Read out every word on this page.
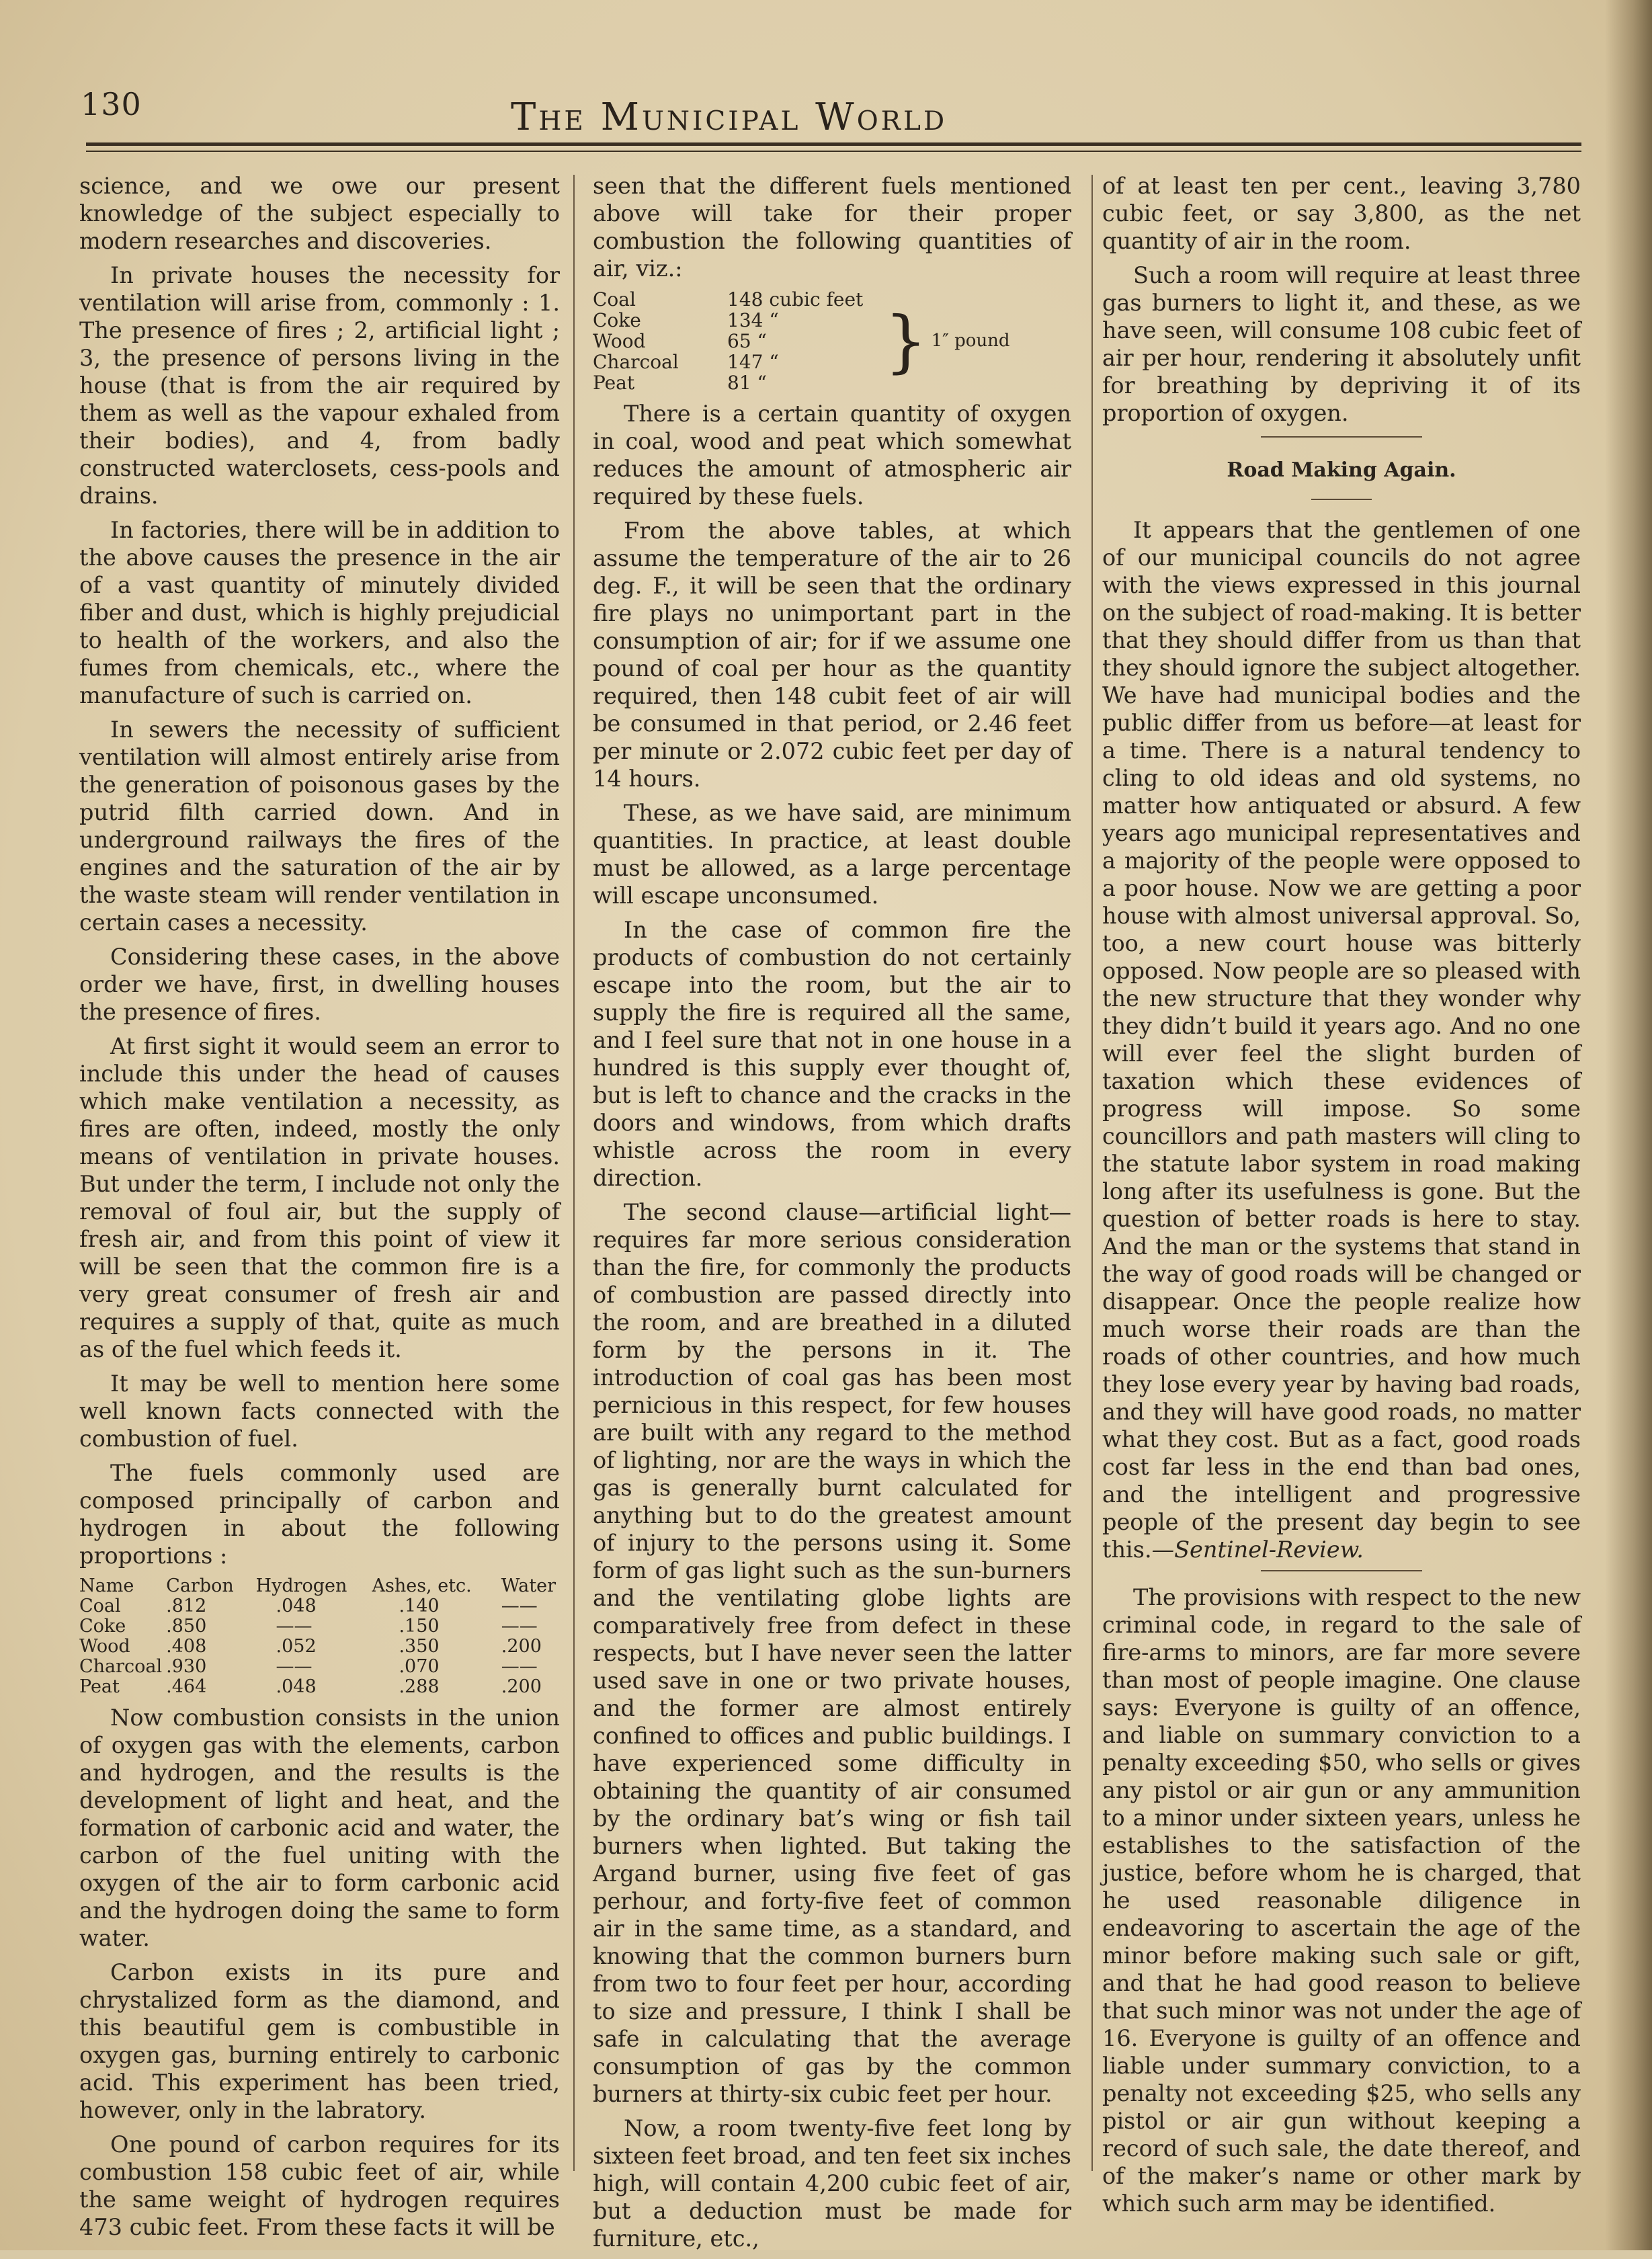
130	The Municipal World

science, and we owe our present knowledge of the subject especially to modern researches and discoveries.

In private houses the necessity for ventilation will arise from, commonly : 1. The presence of fires ; 2, artificial light ; 3, the presence of persons living in the house (that is from the air required by them as well as the vapour exhaled from their bodies), and 4, from badly constructed waterclosets, cess-pools and drains.

In factories, there will be in addition to the above causes the presence in the air of a vast quantity of minutely divided fiber and dust, which is highly prejudicial to health of the workers, and also the fumes from chemicals, etc., where the manufacture of such is carried on.

In sewers the necessity of sufficient ventilation will almost entirely arise from the generation of poisonous gases by the putrid filth carried down. And in underground railways the fires of the engines and the saturation of the air by the waste steam will render ventilation in certain cases a necessity.

Considering these cases, in the above order we have, first, in dwelling houses the presence of fires.

At first sight it would seem an error to include this under the head of causes which make ventilation a necessity, as fires are often, indeed, mostly the only means of ventilation in private houses. But under the term, I include not only the removal of foul air, but the supply of fresh air, and from this point of view it will be seen that the common fire is a very great consumer of fresh air and requires a supply of that, quite as much as of the fuel which feeds it.

It may be well to mention here some well known facts connected with the combustion of fuel.

The fuels commonly used are composed principally of carbon and hydrogen in about the following proportions :

Name	Carbon	Hydrogen	Ashes, etc.	Water
Coal	.812	.048	.140	——
Coke	.850	——	.150	——
Wood	.408	.052	.350	.200
Charcoal	.930	——	.070	——
Peat	.464	.048	.288	.200

Now combustion consists in the union of oxygen gas with the elements, carbon and hydrogen, and the results is the development of light and heat, and the formation of carbonic acid and water, the carbon of the fuel uniting with the oxygen of the air to form carbonic acid and the hydrogen doing the same to form water.

Carbon exists in its pure and chrystalized form as the diamond, and this beautiful gem is combustible in oxygen gas, burning entirely to carbonic acid. This experiment has been tried, however, only in the labratory.

One pound of carbon requires for its combustion 158 cubic feet of air, while the same weight of hydrogen requires 473 cubic feet. From these facts it will be

seen that the different fuels mentioned above will take for their proper combustion the following quantities of air, viz.:

Coal	148 cubic feet	}	1″ pound
Coke	134 “		
Wood	65 “		
Charcoal	147 “		
Peat	81 “		

There is a certain quantity of oxygen in coal, wood and peat which somewhat reduces the amount of atmospheric air required by these fuels.

From the above tables, at which assume the temperature of the air to 26 deg. F., it will be seen that the ordinary fire plays no unimportant part in the consumption of air; for if we assume one pound of coal per hour as the quantity required, then 148 cubit feet of air will be consumed in that period, or 2.46 feet per minute or 2.072 cubic feet per day of 14 hours.

These, as we have said, are minimum quantities. In practice, at least double must be allowed, as a large percentage will escape unconsumed.

In the case of common fire the products of combustion do not certainly escape into the room, but the air to supply the fire is required all the same, and I feel sure that not in one house in a hundred is this supply ever thought of, but is left to chance and the cracks in the doors and windows, from which drafts whistle across the room in every direction.

The second clause—artificial light—requires far more serious consideration than the fire, for commonly the products of combustion are passed directly into the room, and are breathed in a diluted form by the persons in it. The introduction of coal gas has been most pernicious in this respect, for few houses are built with any regard to the method of lighting, nor are the ways in which the gas is generally burnt calculated for anything but to do the greatest amount of injury to the persons using it. Some form of gas light such as the sun-burners and the ventilating globe lights are comparatively free from defect in these respects, but I have never seen the latter used save in one or two private houses, and the former are almost entirely confined to offices and public buildings. I have experienced some difficulty in obtaining the quantity of air consumed by the ordinary bat’s wing or fish tail burners when lighted. But taking the Argand burner, using five feet of gas perhour, and forty-five feet of common air in the same time, as a standard, and knowing that the common burners burn from two to four feet per hour, according to size and pressure, I think I shall be safe in calculating that the average consumption of gas by the common burners at thirty-six cubic feet per hour.

Now, a room twenty-five feet long by sixteen feet broad, and ten feet six inches high, will contain 4,200 cubic feet of air, but a deduction must be made for furniture, etc.,

of at least ten per cent., leaving 3,780 cubic feet, or say 3,800, as the net quantity of air in the room.

Such a room will require at least three gas burners to light it, and these, as we have seen, will consume 108 cubic feet of air per hour, rendering it absolutely unfit for breathing by depriving it of its proportion of oxygen.

Road Making Again.

It appears that the gentlemen of one of our municipal councils do not agree with the views expressed in this journal on the subject of road-making. It is better that they should differ from us than that they should ignore the subject altogether. We have had municipal bodies and the public differ from us before—at least for a time. There is a natural tendency to cling to old ideas and old systems, no matter how antiquated or absurd. A few years ago municipal representatives and a majority of the people were opposed to a poor house. Now we are getting a poor house with almost universal approval. So, too, a new court house was bitterly opposed. Now people are so pleased with the new structure that they wonder why they didn’t build it years ago. And no one will ever feel the slight burden of taxation which these evidences of progress will impose. So some councillors and path masters will cling to the statute labor system in road making long after its usefulness is gone. But the question of better roads is here to stay. And the man or the systems that stand in the way of good roads will be changed or disappear. Once the people realize how much worse their roads are than the roads of other countries, and how much they lose every year by having bad roads, and they will have good roads, no matter what they cost. But as a fact, good roads cost far less in the end than bad ones, and the intelligent and progressive people of the present day begin to see this.—Sentinel-Review.

The provisions with respect to the new criminal code, in regard to the sale of fire-arms to minors, are far more severe than most of people imagine. One clause says: Everyone is guilty of an offence, and liable on summary conviction to a penalty exceeding $50, who sells or gives any pistol or air gun or any ammunition to a minor under sixteen years, unless he establishes to the satisfaction of the justice, before whom he is charged, that he used reasonable diligence in endeavoring to ascertain the age of the minor before making such sale or gift, and that he had good reason to believe that such minor was not under the age of 16. Everyone is guilty of an offence and liable under summary conviction, to a penalty not exceeding $25, who sells any pistol or air gun without keeping a record of such sale, the date thereof, and of the maker’s name or other mark by which such arm may be identified.
